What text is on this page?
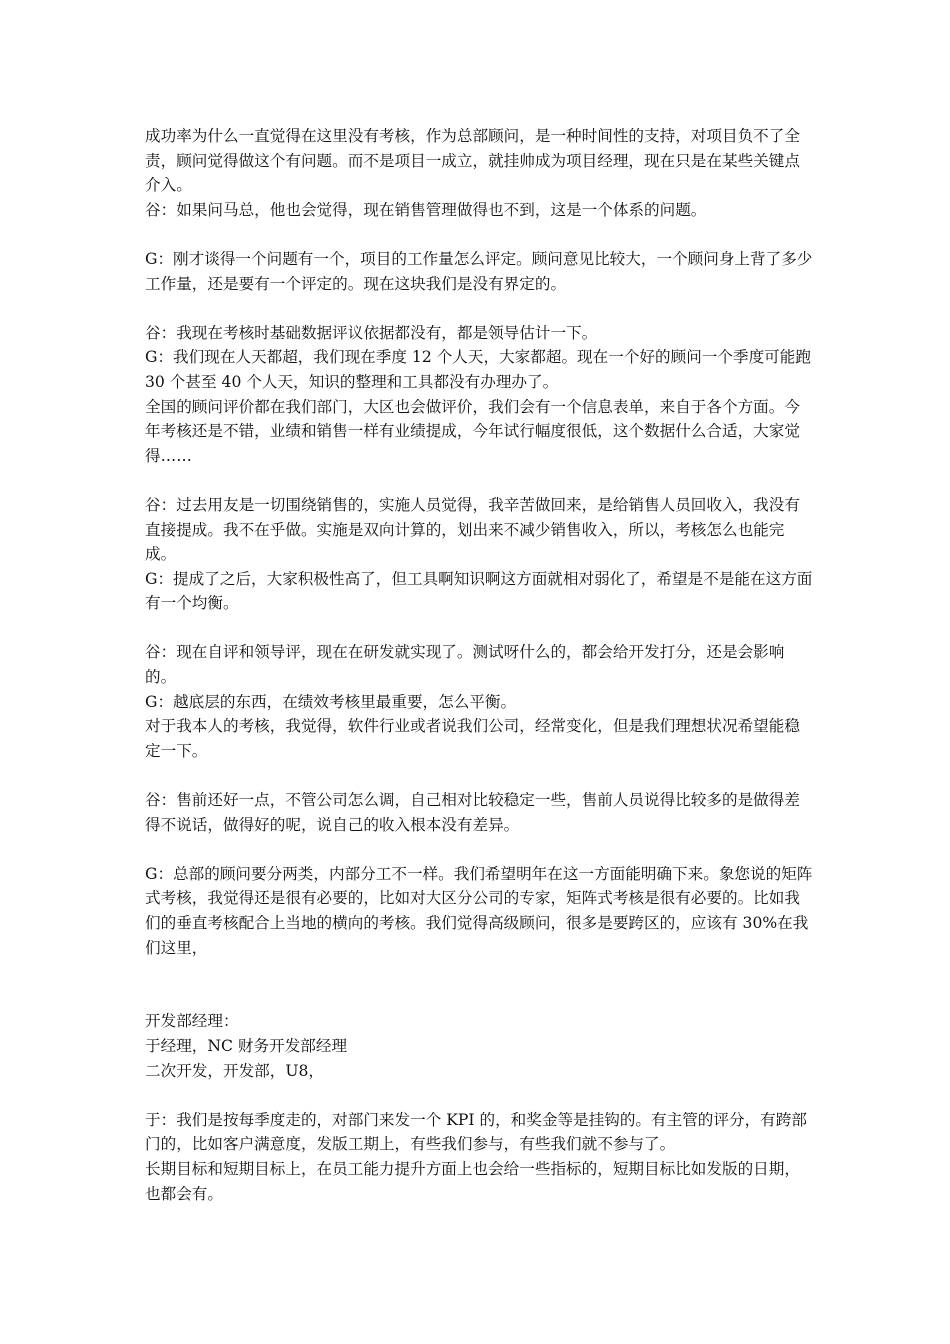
成功率为什么一直觉得在这里没有考核，作为总部顾问，是一种时间性的支持，对项目负不了全责，顾问觉得做这个有问题。而不是项目一成立，就挂帅成为项目经理，现在只是在某些关键点介入。

谷：如果问马总，他也会觉得，现在销售管理做得也不到，这是一个体系的问题。

G：刚才谈得一个问题有一个，项目的工作量怎么评定。顾问意见比较大，一个顾问身上背了多少工作量，还是要有一个评定的。现在这块我们是没有界定的。

谷：我现在考核时基础数据评议依据都没有，都是领导估计一下。

G：我们现在人天都超，我们现在季度 12 个人天，大家都超。现在一个好的顾问一个季度可能跑 30 个甚至 40 个人天，知识的整理和工具都没有办理办了。

全国的顾问评价都在我们部门，大区也会做评价，我们会有一个信息表单，来自于各个方面。今年考核还是不错，业绩和销售一样有业绩提成，今年试行幅度很低，这个数据什么合适，大家觉得……

谷：过去用友是一切围绕销售的，实施人员觉得，我辛苦做回来，是给销售人员回收入，我没有直接提成。我不在乎做。实施是双向计算的，划出来不减少销售收入，所以，考核怎么也能完成。

G：提成了之后，大家积极性高了，但工具啊知识啊这方面就相对弱化了，希望是不是能在这方面有一个均衡。

谷：现在自评和领导评，现在在研发就实现了。测试呀什么的，都会给开发打分，还是会影响的。

G：越底层的东西，在绩效考核里最重要，怎么平衡。

对于我本人的考核，我觉得，软件行业或者说我们公司，经常变化，但是我们理想状况希望能稳定一下。

谷：售前还好一点，不管公司怎么调，自己相对比较稳定一些，售前人员说得比较多的是做得差得不说话，做得好的呢，说自己的收入根本没有差异。

G：总部的顾问要分两类，内部分工不一样。我们希望明年在这一方面能明确下来。象您说的矩阵式考核，我觉得还是很有必要的，比如对大区分公司的专家，矩阵式考核是很有必要的。比如我们的垂直考核配合上当地的横向的考核。我们觉得高级顾问，很多是要跨区的，应该有 30%在我们这里，

开发部经理：

于经理，NC 财务开发部经理

二次开发，开发部，U8，

于：我们是按每季度走的，对部门来发一个 KPI 的，和奖金等是挂钩的。有主管的评分，有跨部门的，比如客户满意度，发版工期上，有些我们参与，有些我们就不参与了。

长期目标和短期目标上，在员工能力提升方面上也会给一些指标的，短期目标比如发版的日期，也都会有。
